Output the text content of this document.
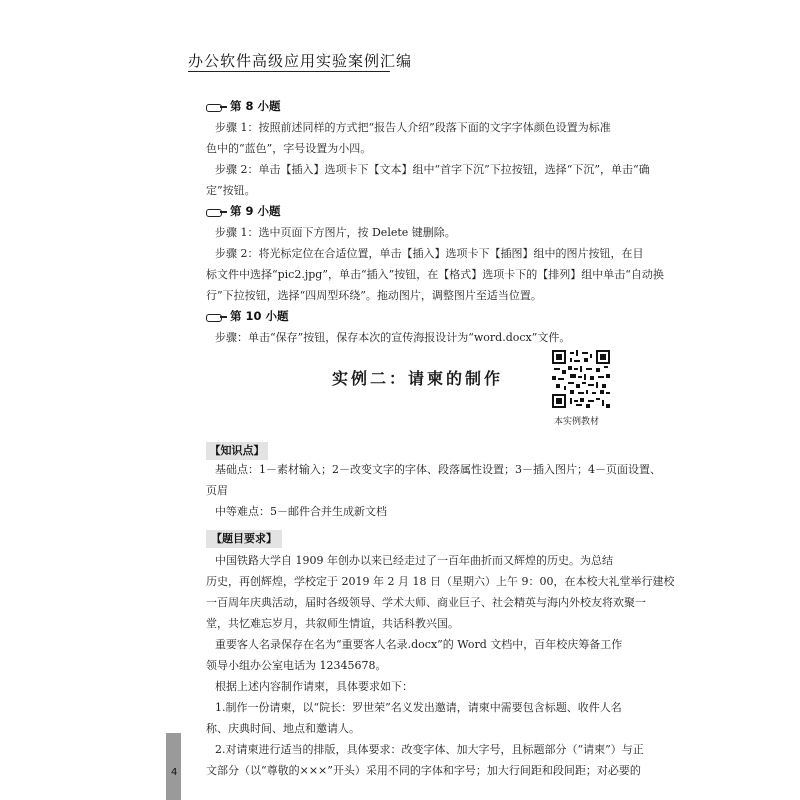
办公软件高级应用实验案例汇编
第 8 小题
步骤 1：按照前述同样的方式把“报告人介绍”段落下面的文字字体颜色设置为标准
色中的“蓝色”，字号设置为小四。
步骤 2：单击【插入】选项卡下【文本】组中“首字下沉”下拉按钮，选择“下沉”，单击“确
定”按钮。
第 9 小题
步骤 1：选中页面下方图片，按 Delete 键删除。
步骤 2：将光标定位在合适位置，单击【插入】选项卡下【插图】组中的图片按钮，在目
标文件中选择“pic2.jpg”，单击“插入”按钮，在【格式】选项卡下的【排列】组中单击“自动换
行”下拉按钮，选择“四周型环绕”。拖动图片，调整图片至适当位置。
第 10 小题
步骤：单击“保存”按钮，保存本次的宣传海报设计为“word.docx”文件。
实例二：请柬的制作
本实例教材
【知识点】
基础点：1－素材输入；2－改变文字的字体、段落属性设置；3－插入图片；4－页面设置、
页眉
中等难点：5－邮件合并生成新文档
【题目要求】
中国铁路大学自 1909 年创办以来已经走过了一百年曲折而又辉煌的历史。为总结
历史，再创辉煌，学校定于 2019 年 2 月 18 日（星期六）上午 9：00，在本校大礼堂举行建校
一百周年庆典活动，届时各级领导、学术大师、商业巨子、社会精英与海内外校友将欢聚一
堂，共忆难忘岁月，共叙师生情谊，共话科教兴国。
重要客人名录保存在名为“重要客人名录.docx”的 Word 文档中，百年校庆筹备工作
领导小组办公室电话为 12345678。
根据上述内容制作请柬，具体要求如下：
1.制作一份请柬，以“院长：罗世荣”名义发出邀请，请柬中需要包含标题、收件人名
称、庆典时间、地点和邀请人。
2.对请柬进行适当的排版，具体要求：改变字体、加大字号，且标题部分（“请柬”）与正
文部分（以“尊敬的×××”开头）采用不同的字体和字号；加大行间距和段间距；对必要的
4
